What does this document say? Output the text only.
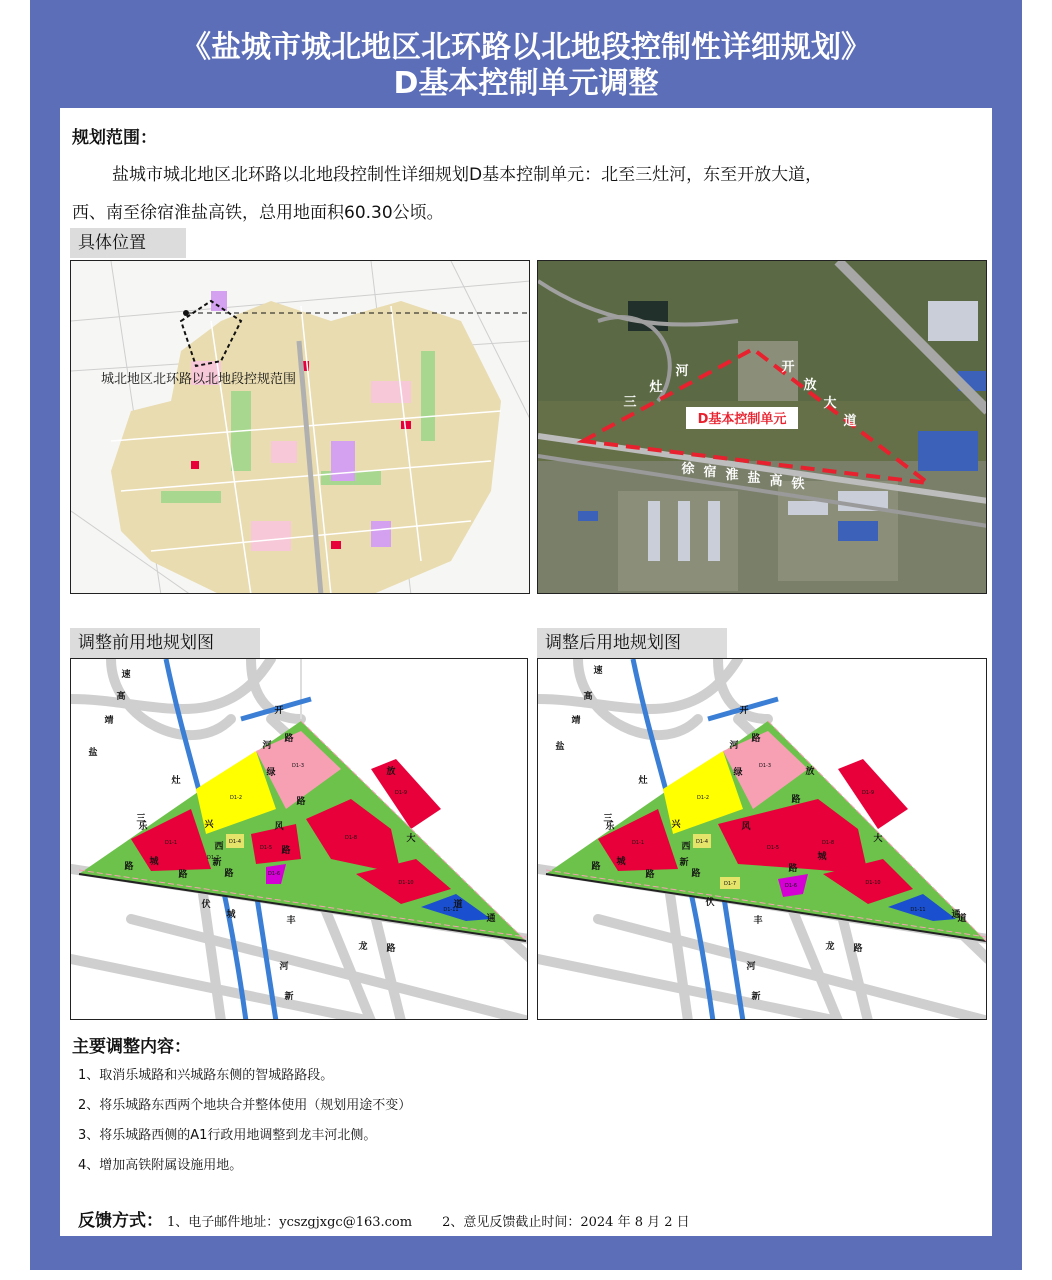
《盐城市城北地区北环路以北地段控制性详细规划》
D基本控制单元调整
规划范围：
盐城市城北地区北环路以北地段控制性详细规划D基本控制单元：北至三灶河，东至开放大道，
西、南至徐宿淮盐高铁，总用地面积60.30公顷。
具体位置
城北地区北环路以北地段控规范围
D基本控制单元
三
灶
河	开
放
大
道
徐 宿 淮 盐 高 铁
调整前用地规划图	调整后用地规划图
D1-1
D1-2
D1-3
D1-4
D1-5
D1-6
D1-7
D1-8
D1-9
D1-10
D1-11
速
高
靖
盐
开
放
大
道
三
灶
河
路
绿
路
兴
城
路
风
路
新
路
西
乐
城
路
伏
通
龙
丰
河
新
路
D1-1
D1-2
D1-3
D1-4
D1-5
D1-6
D1-7
D1-8
D1-9
D1-10
D1-11
速
高
靖
盐
开
放
大
道
三
灶
河
路
绿
路
兴
城
路
风
路
新
路
西
乐
城
路
伏
通
龙
丰
河
新
路
主要调整内容：
1、取消乐城路和兴城路东侧的智城路路段。
2、将乐城路东西两个地块合并整体使用（规划用途不变）
3、将乐城路西侧的A1行政用地调整到龙丰河北侧。
4、增加高铁附属设施用地。
反馈方式： 1、电子邮件地址：ycszgjxgc@163.com 2、意见反馈截止时间：2024 年 8 月 2 日
